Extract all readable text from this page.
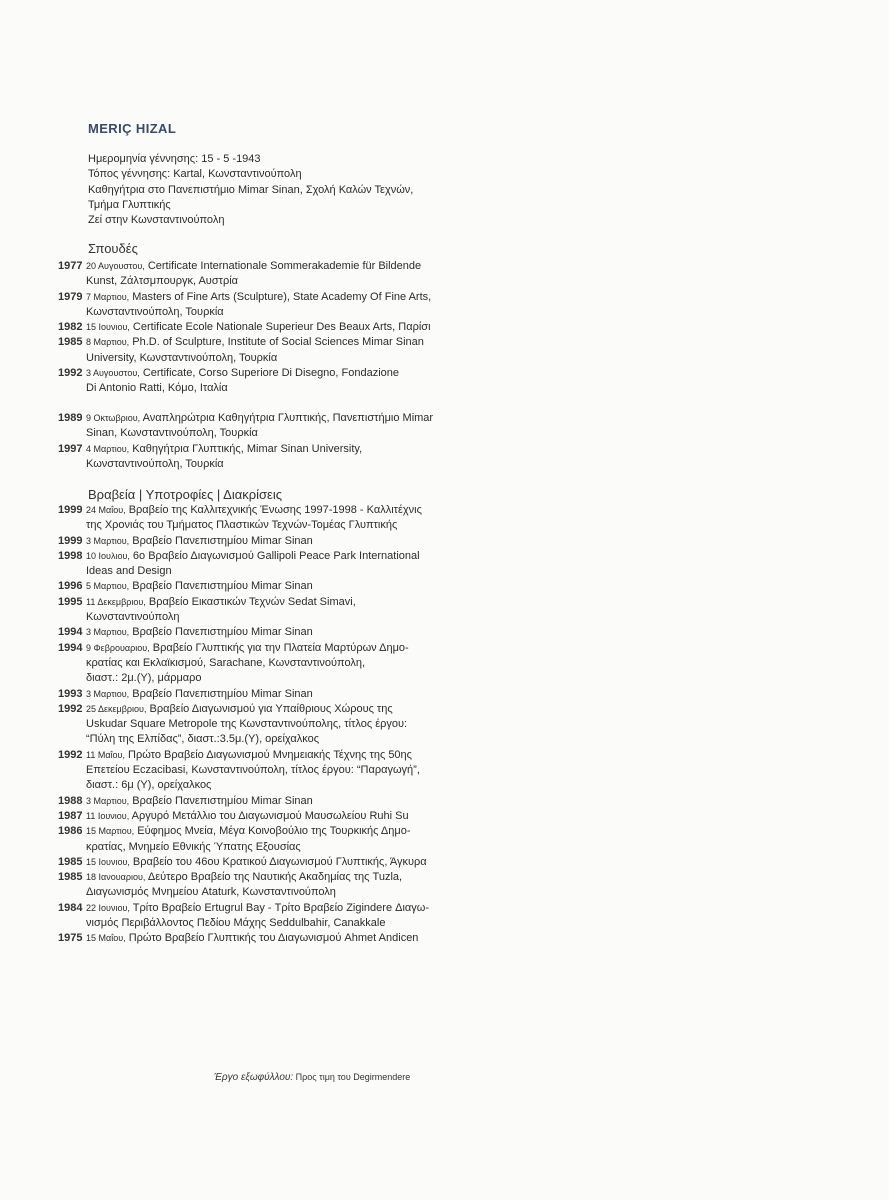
MERIÇ HIZAL
Ημερομηνία γέννησης: 15 - 5 -1943
Τόπος γέννησης: Kartal, Κωνσταντινούπολη
Καθηγήτρια στο Πανεπιστήμιο Mimar Sinan, Σχολή Καλών Τεχνών,
Τμήμα Γλυπτικής
Ζεί στην Κωνσταντινούπολη
Σπουδές
1977 20 Αυγουστου, Certificate Internationale Sommerakademie für Bildende
Kunst, Ζάλτσμπουργκ, Αυστρία
1979 7 Μαρτιου, Masters of Fine Arts (Sculpture), State Academy Of Fine Arts,
Κωνσταντινούπολη, Τουρκία
1982 15 Ιουνιου, Certificate Ecole Nationale Superieur Des Beaux Arts, Παρίσι
1985 8 Μαρτιου, Ph.D. of Sculpture, Institute of Social Sciences Mimar Sinan
University, Κωνσταντινούπολη, Τουρκία
1992 3 Αυγουστου, Certificate, Corso Superiore Di Disegno, Fondazione
Di Antonio Ratti, Κόμο, Ιταλία
1989 9 Οκτωβριου, Αναπληρώτρια Καθηγήτρια Γλυπτικής, Πανεπιστήμιο Mimar
Sinan, Κωνσταντινούπολη, Τουρκία
1997 4 Μαρτιου, Καθηγήτρια Γλυπτικής, Mimar Sinan University,
Κωνσταντινούπολη, Τουρκία
Βραβεία | Υποτροφίες | Διακρίσεις
1999 24 Μαΐου, Βραβείο της Καλλιτεχνικής Ένωσης 1997-1998 - Καλλιτέχνις
της Χρονιάς του Τμήματος Πλαστικών Τεχνών-Τομέας Γλυπτικής
1999 3 Μαρτιου, Βραβείο Πανεπιστημίου Mimar Sinan
1998 10 Ιουλιου, 6ο Βραβείο Διαγωνισμού Gallipoli Peace Park International
Ideas and Design
1996 5 Μαρτιου, Βραβείο Πανεπιστημίου Mimar Sinan
1995 11 Δεκεμβριου, Βραβείο Εικαστικών Τεχνών Sedat Simavi,
Κωνσταντινούπολη
1994 3 Μαρτιου, Βραβείο Πανεπιστημίου Mimar Sinan
1994 9 Φεβρουαριου, Βραβείο Γλυπτικής για την Πλατεία Μαρτύρων Δημο-
κρατίας και Εκλαϊκισμού, Sarachane, Κωνσταντινούπολη,
διαστ.: 2μ.(Υ), μάρμαρο
1993 3 Μαρτιου, Βραβείο Πανεπιστημίου Mimar Sinan
1992 25 Δεκεμβριου, Βραβείο Διαγωνισμού για Υπαίθριους Χώρους της
Uskudar Square Metropole της Κωνσταντινούπολης, τίτλος έργου:
“Πύλη της Ελπίδας”, διαστ.:3.5μ.(Υ), ορείχαλκος
1992 11 Μαΐου, Πρώτο Βραβείο Διαγωνισμού Μνημειακής Τέχνης της 50ης
Επετείου Eczacibasi, Κωνσταντινούπολη, τίτλος έργου: “Παραγωγή”,
διαστ.: 6μ (Υ), ορείχαλκος
1988 3 Μαρτιου, Βραβείο Πανεπιστημίου Mimar Sinan
1987 11 Ιουνιου, Αργυρό Μετάλλιο του Διαγωνισμού Μαυσωλείου Ruhi Su
1986 15 Μαρτιου, Εύφημος Μνεία, Μέγα Κοινοβούλιο της Τουρκικής Δημο-
κρατίας, Μνημείο Εθνικής Ύπατης Εξουσίας
1985 15 Ιουνιου, Βραβείο του 46ου Κρατικού Διαγωνισμού Γλυπτικής, Άγκυρα
1985 18 Ιανουαριου, Δεύτερο Βραβείο της Ναυτικής Ακαδημίας της Tuzla,
Διαγωνισμός Μνημείου Ataturk, Κωνσταντινούπολη
1984 22 Ιουνιου, Τρίτο Βραβείο Ertugrul Bay - Τρίτο Βραβείο Zigindere Διαγω-
νισμός Περιβάλλοντος Πεδίου Μάχης Seddulbahir, Canakkale
1975 15 Μαΐου, Πρώτο Βραβείο Γλυπτικής του Διαγωνισμού Ahmet Andicen
Έργο εξωφύλλου: Προς τιμη του Degirmendere
